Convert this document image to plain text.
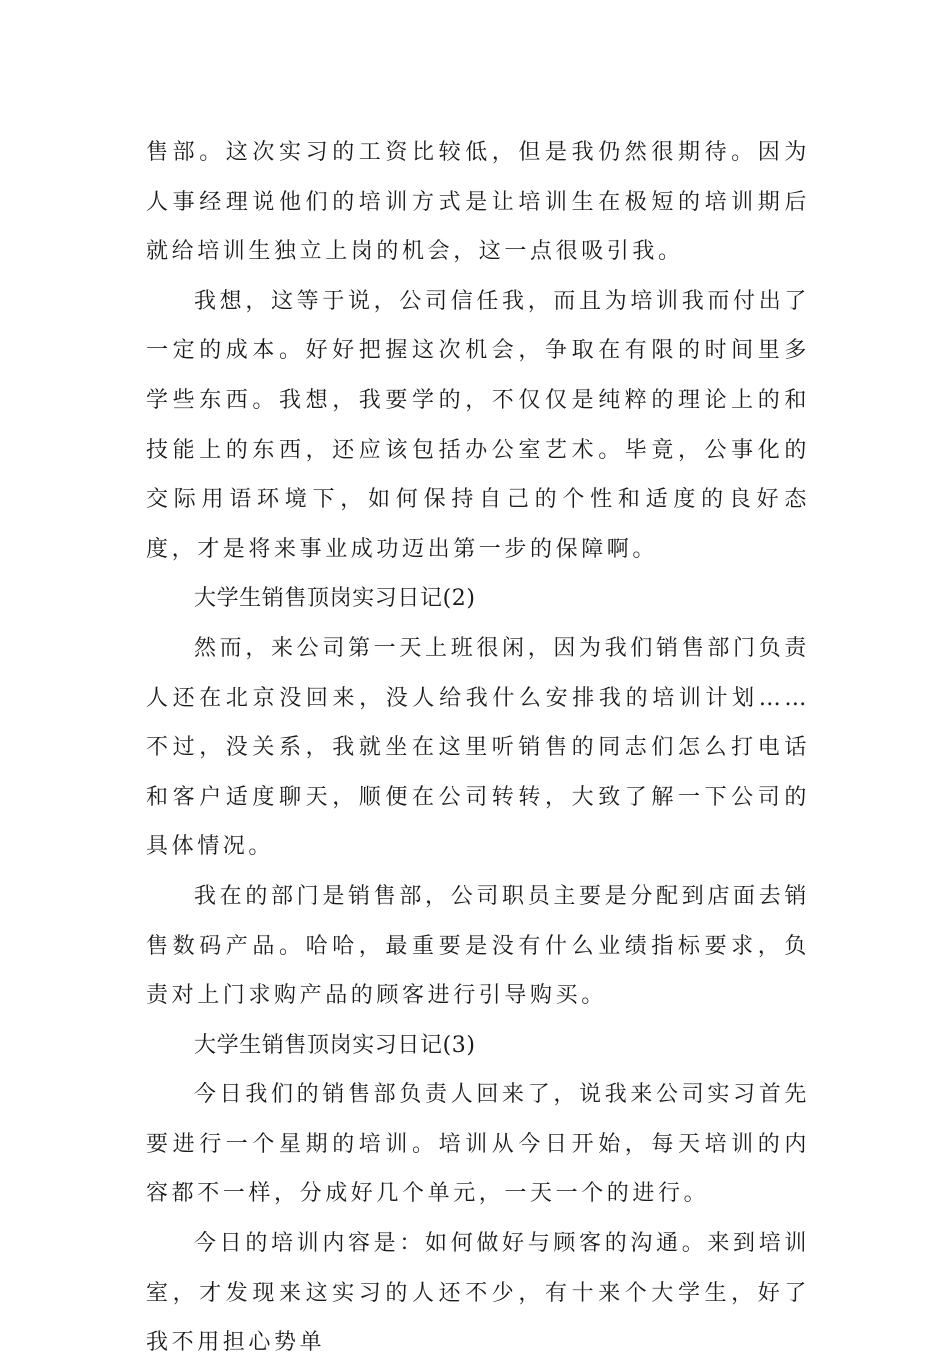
售部。这次实习的工资比较低，但是我仍然很期待。因为人事经理说他们的培训方式是让培训生在极短的培训期后就给培训生独立上岗的机会，这一点很吸引我。

我想，这等于说，公司信任我，而且为培训我而付出了一定的成本。好好把握这次机会，争取在有限的时间里多学些东西。我想，我要学的，不仅仅是纯粹的理论上的和技能上的东西，还应该包括办公室艺术。毕竟，公事化的交际用语环境下，如何保持自己的个性和适度的良好态度，才是将来事业成功迈出第一步的保障啊。

大学生销售顶岗实习日记(2)

然而，来公司第一天上班很闲，因为我们销售部门负责人还在北京没回来，没人给我什么安排我的培训计划……不过，没关系，我就坐在这里听销售的同志们怎么打电话和客户适度聊天，顺便在公司转转，大致了解一下公司的具体情况。

我在的部门是销售部，公司职员主要是分配到店面去销售数码产品。哈哈，最重要是没有什么业绩指标要求，负责对上门求购产品的顾客进行引导购买。

大学生销售顶岗实习日记(3)

今日我们的销售部负责人回来了，说我来公司实习首先要进行一个星期的培训。培训从今日开始，每天培训的内容都不一样，分成好几个单元，一天一个的进行。

今日的培训内容是：如何做好与顾客的沟通。来到培训室，才发现来这实习的人还不少，有十来个大学生，好了我不用担心势单
